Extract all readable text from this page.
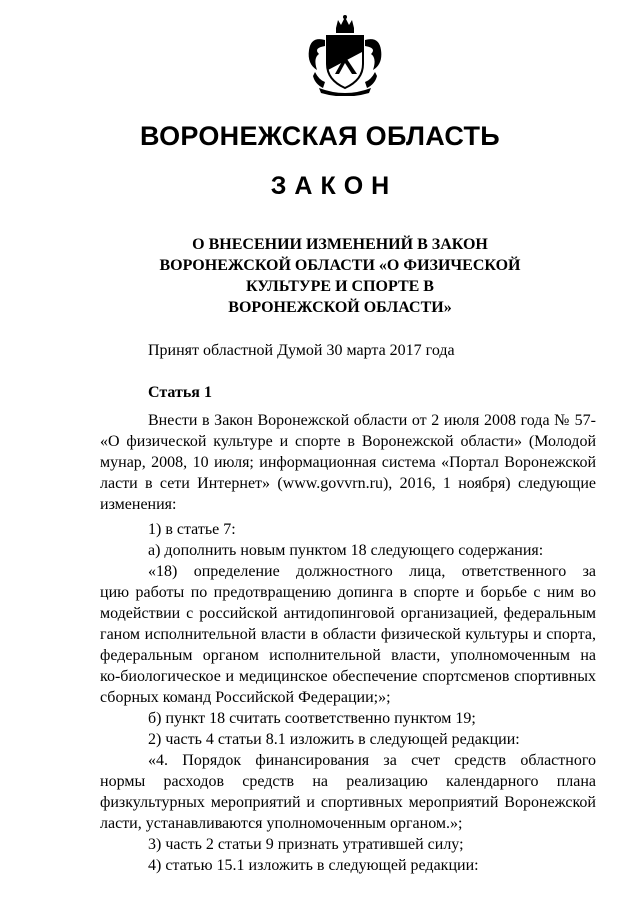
ВОРОНЕЖСКАЯ ОБЛАСТЬ
ЗАКОН
О ВНЕСЕНИИ ИЗМЕНЕНИЙ В ЗАКОН
ВОРОНЕЖСКОЙ ОБЛАСТИ «О ФИЗИЧЕСКОЙ
КУЛЬТУРЕ И СПОРТЕ В
ВОРОНЕЖСКОЙ ОБЛАСТИ»
Принят областной Думой 30 марта 2017 года
Статья 1
Внести в Закон Воронежской области от 2 июля 2008 года № 57-
«О физической культуре и спорте в Воронежской области» (Молодой
мунар, 2008, 10 июля; информационная система «Портал Воронежской
ласти в сети Интернет» (www.govvrn.ru), 2016, 1 ноября) следующие
изменения:
1) в статье 7:
а) дополнить новым пунктом 18 следующего содержания:
«18) определение должностного лица, ответственного за
цию работы по предотвращению допинга в спорте и борьбе с ним во
модействии с российской антидопинговой организацией, федеральным
ганом исполнительной власти в области физической культуры и спорта,
федеральным органом исполнительной власти, уполномоченным на
ко-биологическое и медицинское обеспечение спортсменов спортивных
сборных команд Российской Федерации;»;
б) пункт 18 считать соответственно пунктом 19;
2) часть 4 статьи 8.1 изложить в следующей редакции:
«4. Порядок финансирования за счет средств областного
нормы расходов средств на реализацию календарного плана
физкультурных мероприятий и спортивных мероприятий Воронежской
ласти, устанавливаются уполномоченным органом.»;
3) часть 2 статьи 9 признать утратившей силу;
4) статью 15.1 изложить в следующей редакции:
